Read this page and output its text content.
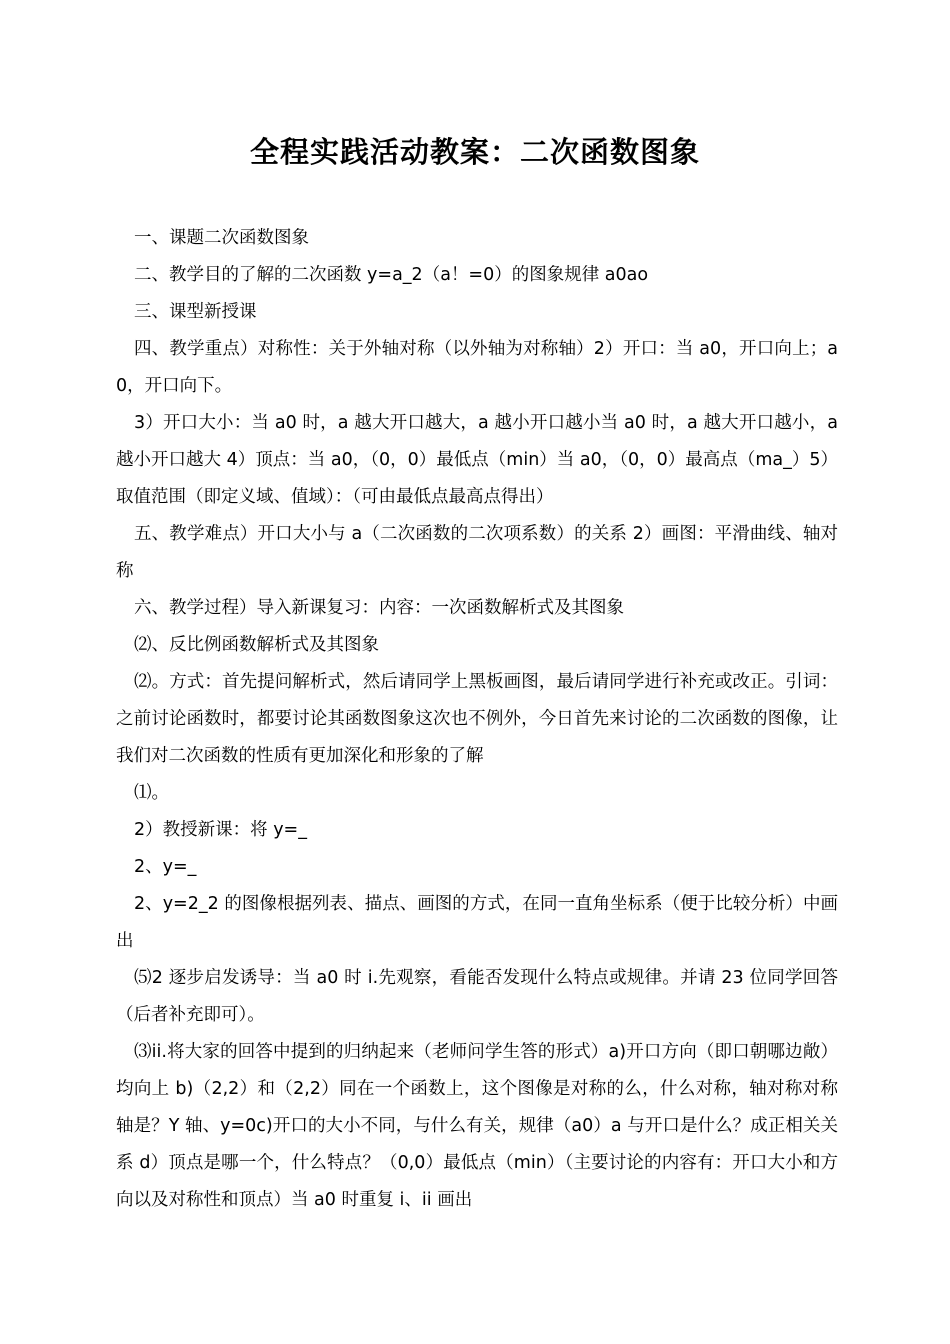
全程实践活动教案：二次函数图象

一、课题二次函数图象

二、教学目的了解的二次函数 y=a_2（a！=0）的图象规律 a0ao

三、课型新授课

四、教学重点）对称性：关于外轴对称（以外轴为对称轴）2）开口：当 a0，开口向上；a0，开口向下。

3）开口大小：当 a0 时，a 越大开口越大，a 越小开口越小当 a0 时，a 越大开口越小，a 越小开口越大 4）顶点：当 a0，（0，0）最低点（min）当 a0，（0，0）最高点（ma_）5）取值范围（即定义域、值域）：（可由最低点最高点得出）

五、教学难点）开口大小与 a（二次函数的二次项系数）的关系 2）画图：平滑曲线、轴对称

六、教学过程）导入新课复习：内容：一次函数解析式及其图象

⑵、反比例函数解析式及其图象

⑵。方式：首先提问解析式，然后请同学上黑板画图，最后请同学进行补充或改正。引词：之前讨论函数时，都要讨论其函数图象这次也不例外，今日首先来讨论的二次函数的图像，让我们对二次函数的性质有更加深化和形象的了解

⑴。

2）教授新课：将 y=_

2、y=_

2、y=2_2 的图像根据列表、描点、画图的方式，在同一直角坐标系（便于比较分析）中画出

⑸2 逐步启发诱导：当 a0 时 i.先观察，看能否发现什么特点或规律。并请 23 位同学回答（后者补充即可）。

⑶ii.将大家的回答中提到的归纳起来（老师问学生答的形式）a)开口方向（即口朝哪边敞）均向上 b)（2,2）和（2,2）同在一个函数上，这个图像是对称的么，什么对称，轴对称对称轴是？Y 轴、y=0c)开口的大小不同，与什么有关，规律（a0）a 与开口是什么？成正相关关系 d）顶点是哪一个，什么特点？（0,0）最低点（min）（主要讨论的内容有：开口大小和方向以及对称性和顶点）当 a0 时重复 i、ii 画出
